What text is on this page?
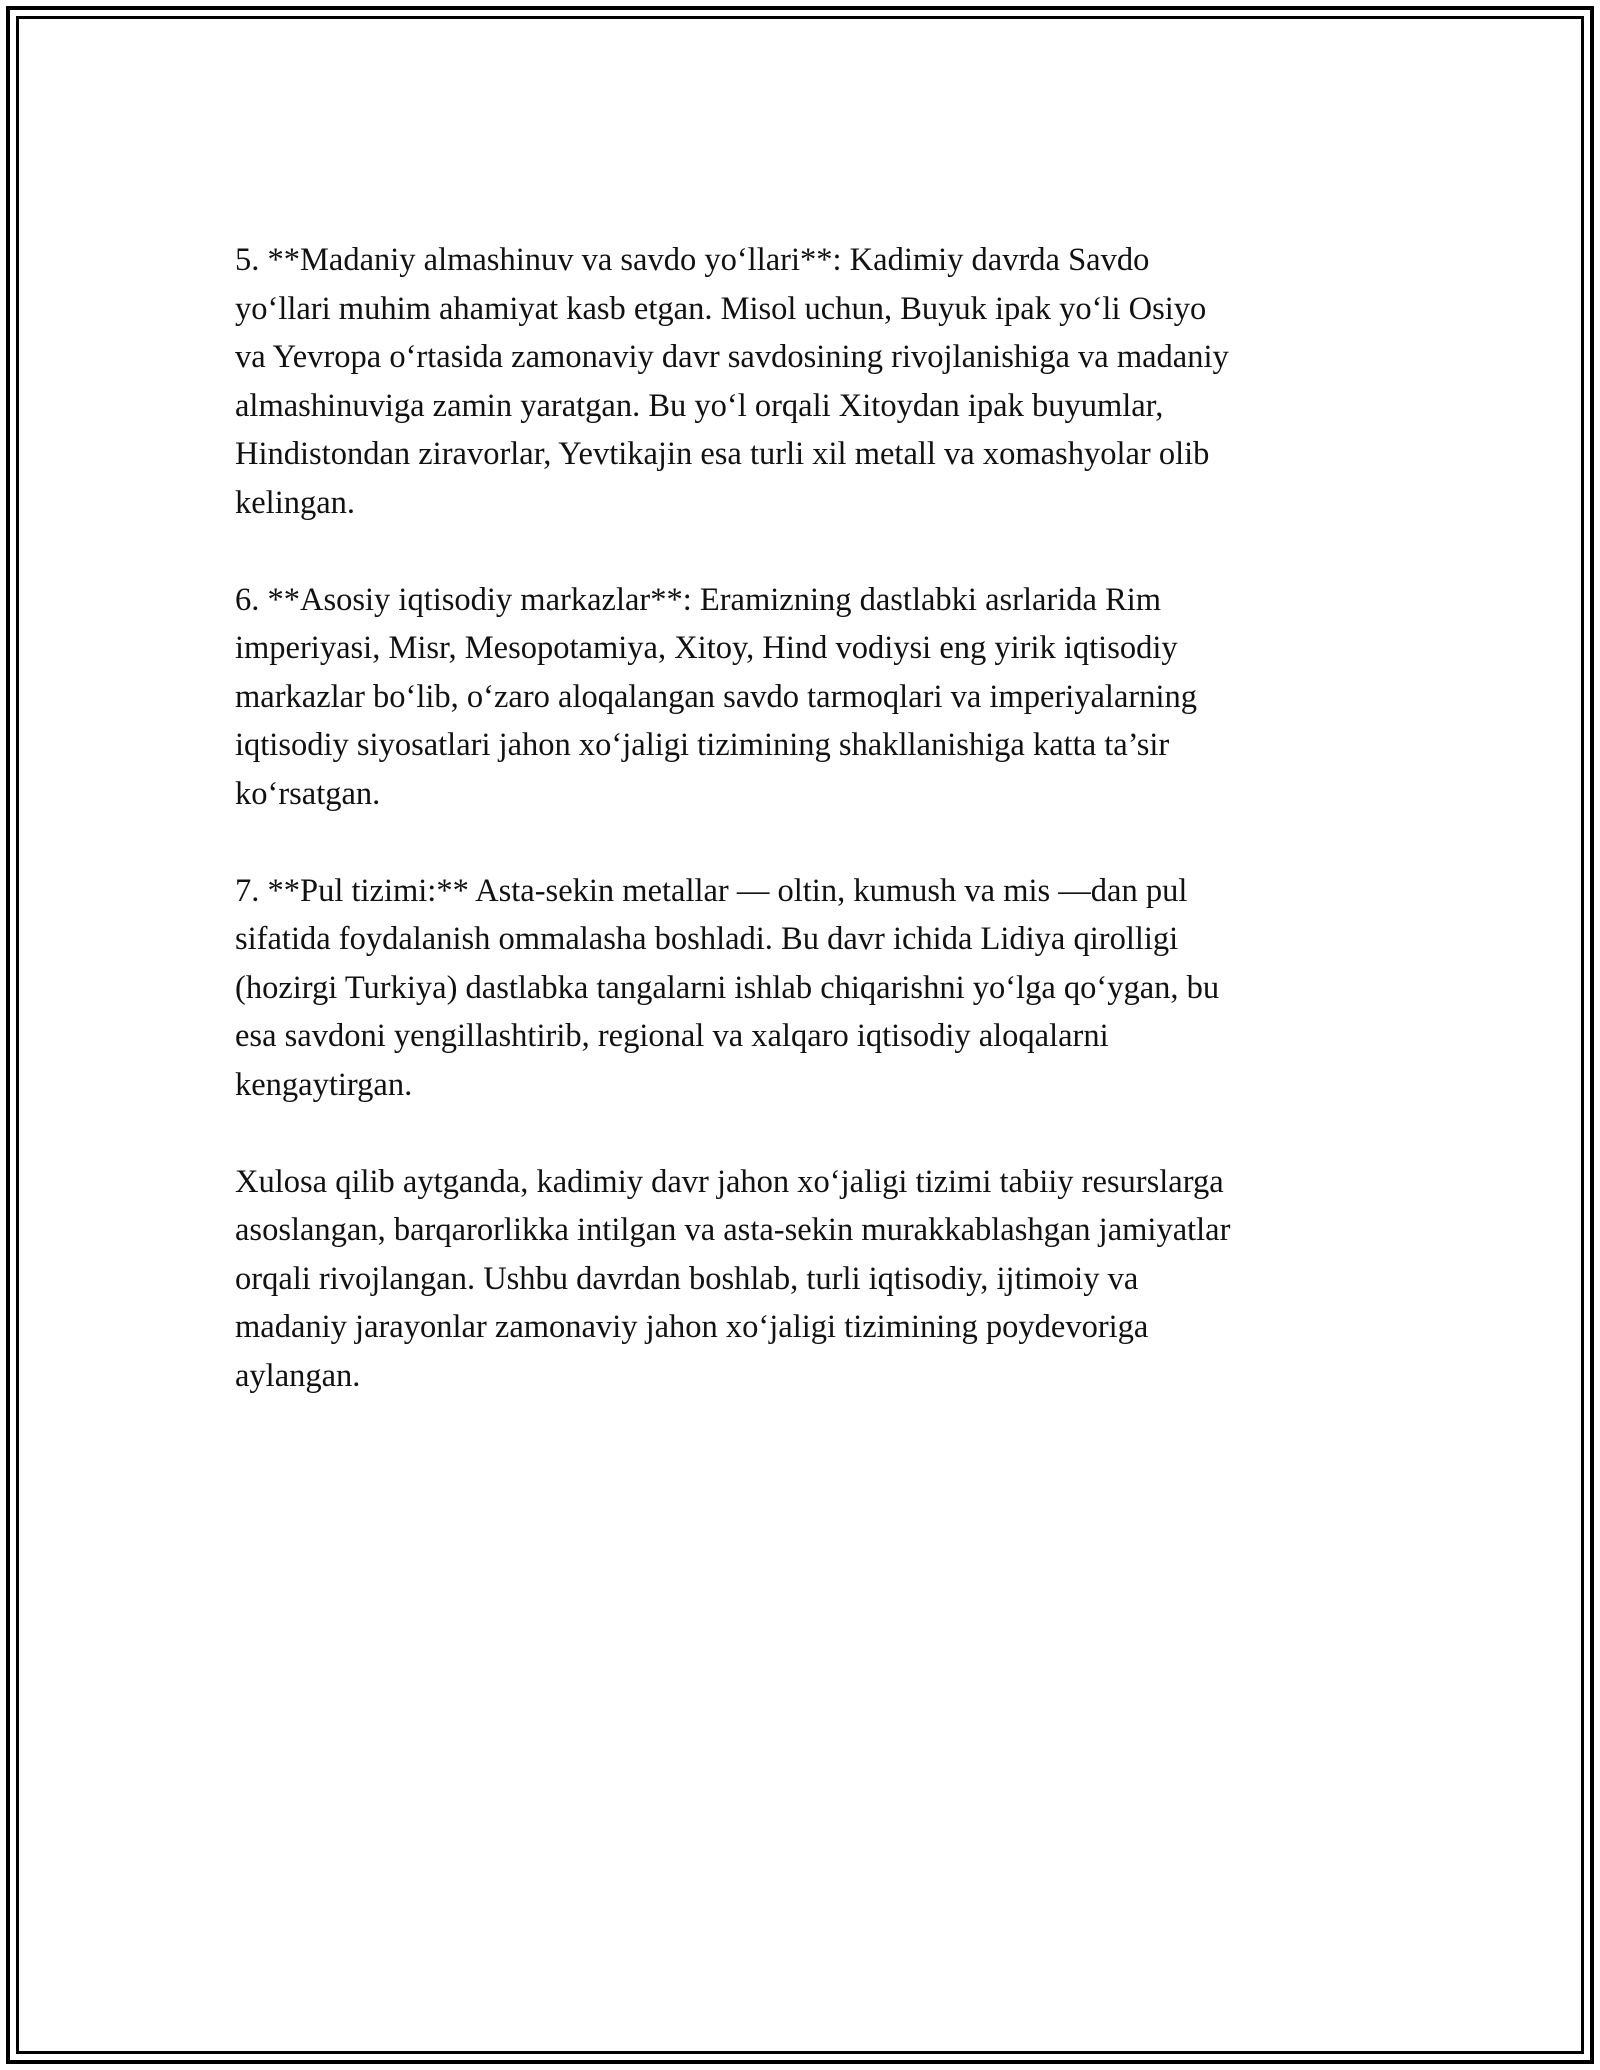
5. **Madaniy almashinuv va savdo yo‘llari**: Kadimiy davrda Savdo
yo‘llari muhim ahamiyat kasb etgan. Misol uchun, Buyuk ipak yo‘li Osiyo
va Yevropa o‘rtasida zamonaviy davr savdosining rivojlanishiga va madaniy
almashinuviga zamin yaratgan. Bu yo‘l orqali Xitoydan ipak buyumlar,
Hindistondan ziravorlar, Yevtikajin esa turli xil metall va xomashyolar olib
kelingan.

6. **Asosiy iqtisodiy markazlar**: Eramizning dastlabki asrlarida Rim
imperiyasi, Misr, Mesopotamiya, Xitoy, Hind vodiysi eng yirik iqtisodiy
markazlar bo‘lib, o‘zaro aloqalangan savdo tarmoqlari va imperiyalarning
iqtisodiy siyosatlari jahon xo‘jaligi tizimining shakllanishiga katta ta’sir
ko‘rsatgan.

7. **Pul tizimi:** Asta-sekin metallar — oltin, kumush va mis —dan pul
sifatida foydalanish ommalasha boshladi. Bu davr ichida Lidiya qirolligi
(hozirgi Turkiya) dastlabka tangalarni ishlab chiqarishni yo‘lga qo‘ygan, bu
esa savdoni yengillashtirib, regional va xalqaro iqtisodiy aloqalarni
kengaytirgan.

Xulosa qilib aytganda, kadimiy davr jahon xo‘jaligi tizimi tabiiy resurslarga
asoslangan, barqarorlikka intilgan va asta-sekin murakkablashgan jamiyatlar
orqali rivojlangan. Ushbu davrdan boshlab, turli iqtisodiy, ijtimoiy va
madaniy jarayonlar zamonaviy jahon xo‘jaligi tizimining poydevoriga
aylangan.
